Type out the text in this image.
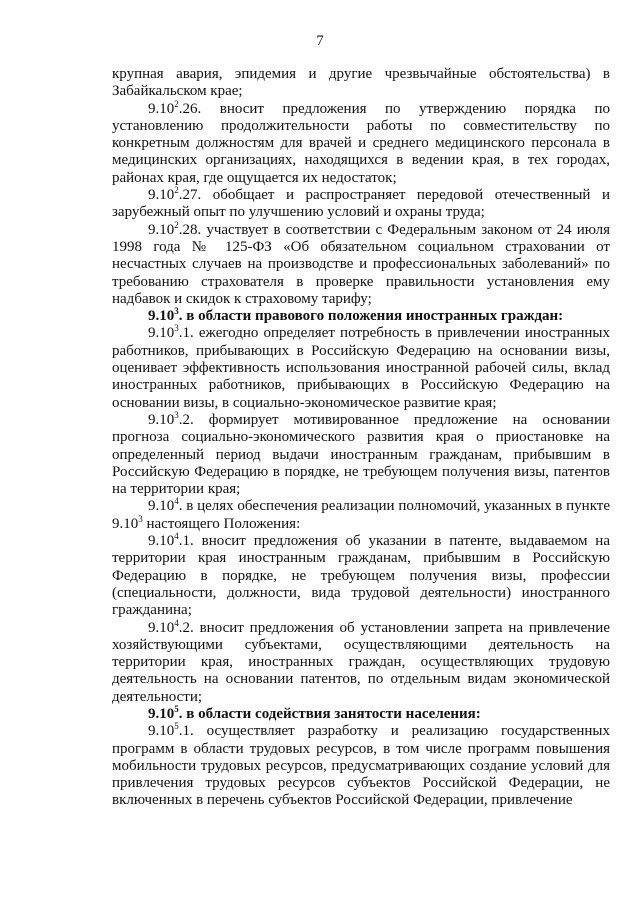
7

крупная авария, эпидемия и другие чрезвычайные обстоятельства) в Забайкальском крае;

9.10$^2$.26. вносит предложения по утверждению порядка по установлению продолжительности работы по совместительству по конкретным должностям для врачей и среднего медицинского персонала в медицинских организациях, находящихся в ведении края, в тех городах, районах края, где ощущается их недостаток;

9.10$^2$.27. обобщает и распространяет передовой отечественный и зарубежный опыт по улучшению условий и охраны труда;

9.10$^2$.28. участвует в соответствии с Федеральным законом от 24 июля 1998 года № 125-ФЗ «Об обязательном социальном страховании от несчастных случаев на производстве и профессиональных заболеваний» по требованию страхователя в проверке правильности установления ему надбавок и скидок к страховому тарифу;

9.10$^3$. в области правового положения иностранных граждан:

9.10$^3$.1. ежегодно определяет потребность в привлечении иностранных работников, прибывающих в Российскую Федерацию на основании визы, оценивает эффективность использования иностранной рабочей силы, вклад иностранных работников, прибывающих в Российскую Федерацию на основании визы, в социально-экономическое развитие края;

9.10$^3$.2. формирует мотивированное предложение на основании прогноза социально-экономического развития края о приостановке на определенный период выдачи иностранным гражданам, прибывшим в Российскую Федерацию в порядке, не требующем получения визы, патентов на территории края;

9.10$^4$. в целях обеспечения реализации полномочий, указанных в пункте 9.10$^3$ настоящего Положения:

9.10$^4$.1. вносит предложения об указании в патенте, выдаваемом на территории края иностранным гражданам, прибывшим в Российскую Федерацию в порядке, не требующем получения визы, профессии (специальности, должности, вида трудовой деятельности) иностранного гражданина;

9.10$^4$.2. вносит предложения об установлении запрета на привлечение хозяйствующими субъектами, осуществляющими деятельность на территории края, иностранных граждан, осуществляющих трудовую деятельность на основании патентов, по отдельным видам экономической деятельности;

9.10$^5$. в области содействия занятости населения:

9.10$^5$.1. осуществляет разработку и реализацию государственных программ в области трудовых ресурсов, в том числе программ повышения мобильности трудовых ресурсов, предусматривающих создание условий для привлечения трудовых ресурсов субъектов Российской Федерации, не включенных в перечень субъектов Российской Федерации, привлечение
